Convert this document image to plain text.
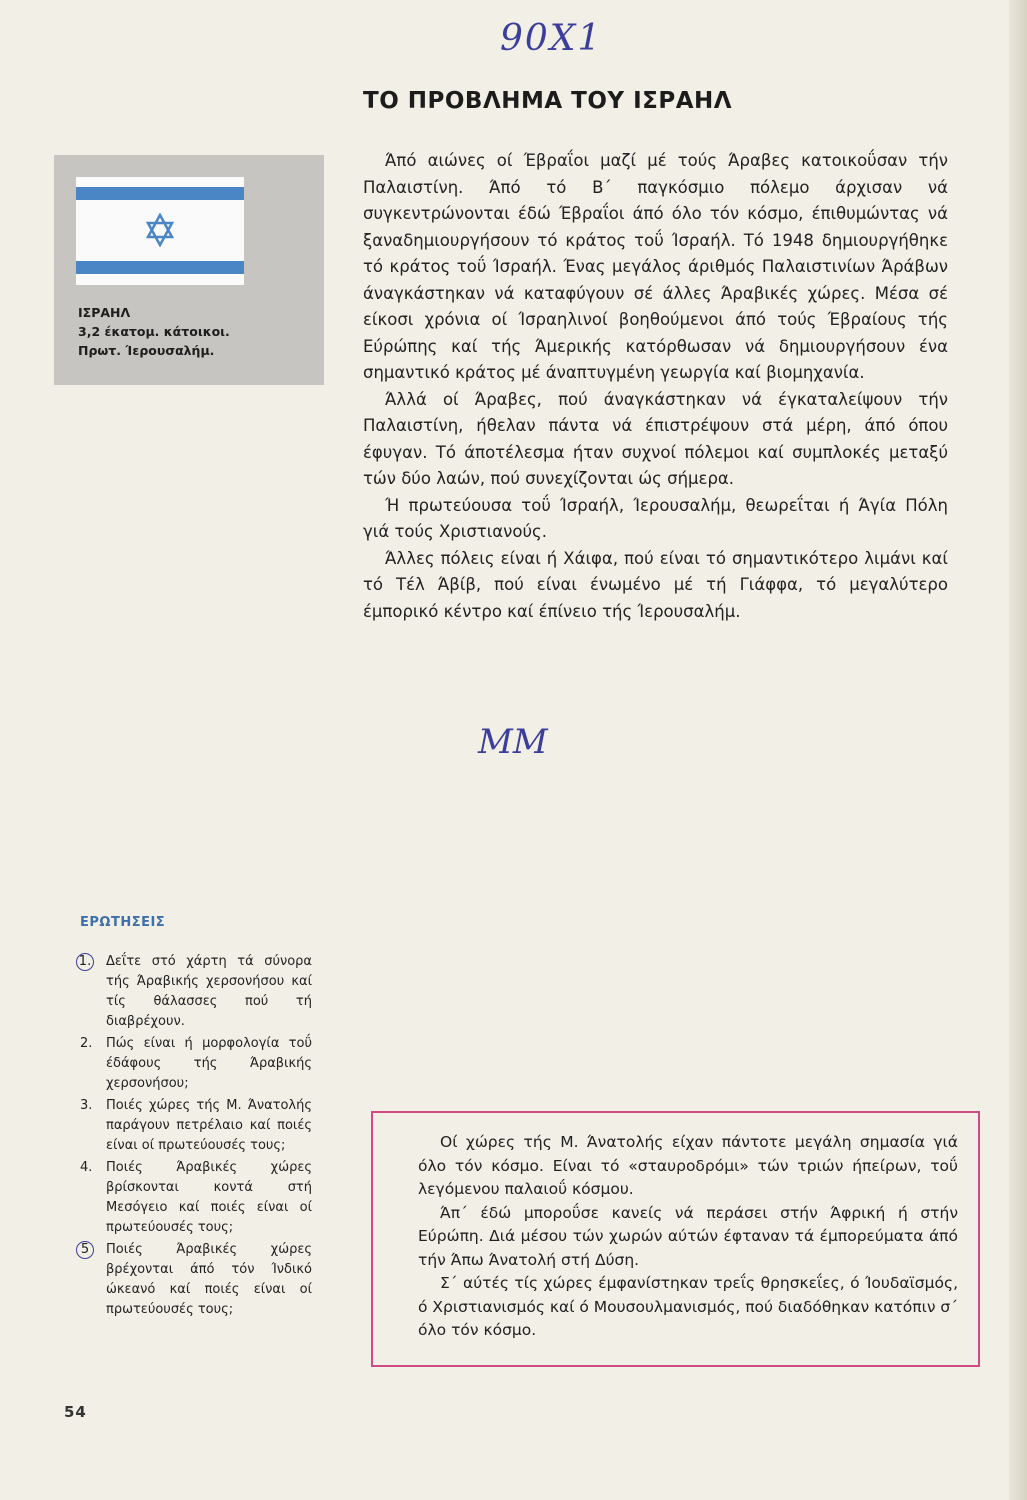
90Χ1
ΤΟ ΠΡΟΒΛΗΜΑ ΤΟΥ ΙΣΡΑΗΛ
ΙΣΡΑΗΛ
3,2 έκατομ. κάτοικοι.
Πρωτ. Ίερουσαλήμ.

Άπό αιώνες οί Έβραΐοι μαζί μέ τούς Άραβες κατοικοΰσαν τήν Παλαιστίνη. Άπό τό Β΄ παγκόσμιο πόλεμο άρχισαν νά συγκεντρώνονται έδώ Έβραΐοι άπό όλο τόν κόσμο, έπιθυμώντας νά ξαναδημιουργήσουν τό κράτος τοΰ Ίσραήλ. Τό 1948 δημιουργήθηκε τό κράτος τοΰ Ίσραήλ. Ένας μεγάλος άριθμός Παλαιστινίων Άράβων άναγκάστηκαν νά καταφύγουν σέ άλλες Άραβικές χώρες. Μέσα σέ είκοσι χρόνια οί Ίσραηλινοί βοηθούμενοι άπό τούς Έβραίους τής Εύρώπης καί τής Άμερικής κατόρθωσαν νά δημιουργήσουν ένα σημαντικό κράτος μέ άναπτυγμένη γεωργία καί βιομηχανία.

Άλλά οί Άραβες, πού άναγκάστηκαν νά έγκαταλείψουν τήν Παλαιστίνη, ήθελαν πάντα νά έπιστρέψουν στά μέρη, άπό όπου έφυγαν. Τό άποτέλεσμα ήταν συχνοί πόλεμοι καί συμπλοκές μεταξύ τών δύο λαών, πού συνεχίζονται ώς σήμερα.

Ή πρωτεύουσα τοΰ Ίσραήλ, Ίερουσαλήμ, θεωρεΐται ή Άγία Πόλη γιά τούς Χριστιανούς.

Άλλες πόλεις είναι ή Χάιφα, πού είναι τό σημαντικότερο λιμάνι καί τό Τέλ Άβίβ, πού είναι ένωμένο μέ τή Γιάφφα, τό μεγαλύτερο έμπορικό κέντρο καί έπίνειο τής Ίερουσαλήμ.

ΜΜ
ΕΡΩΤΗΣΕΙΣ
1. Δεΐτε στό χάρτη τά σύνορα τής Άραβικής χερσονήσου καί τίς θάλασσες πού τή διαβρέχουν.
2. Πώς είναι ή μορφολογία τοΰ έδάφους τής Άραβικής χερσονήσου;
3. Ποιές χώρες τής Μ. Άνατολής παράγουν πετρέλαιο καί ποιές είναι οί πρωτεύουσές τους;
4. Ποιές Άραβικές χώρες βρίσκονται κοντά στή Μεσόγειο καί ποιές είναι οί πρωτεύουσές τους;
5	Ποιές Άραβικές χώρες βρέχονται άπό τόν Ίνδικό ώκεανό καί ποιές είναι οί πρωτεύουσές τους;

Οί χώρες τής Μ. Άνατολής είχαν πάντοτε μεγάλη σημασία γιά όλο τόν κόσμο. Είναι τό «σταυροδρόμι» τών τριών ήπείρων, τοΰ λεγόμενου παλαιοΰ κόσμου.

Άπ΄ έδώ μποροΰσε κανείς νά περάσει στήν Άφρική ή στήν Εύρώπη. Διά μέσου τών χωρών αύτών έφταναν τά έμπορεύματα άπό τήν Άπω Άνατολή στή Δύση.

Σ΄ αύτές τίς χώρες έμφανίστηκαν τρεΐς θρησκεΐες, ό Ίουδαϊσμός, ό Χριστιανισμός καί ό Μουσουλμανισμός, πού διαδόθηκαν κατόπιν σ΄ όλο τόν κόσμο.

54
